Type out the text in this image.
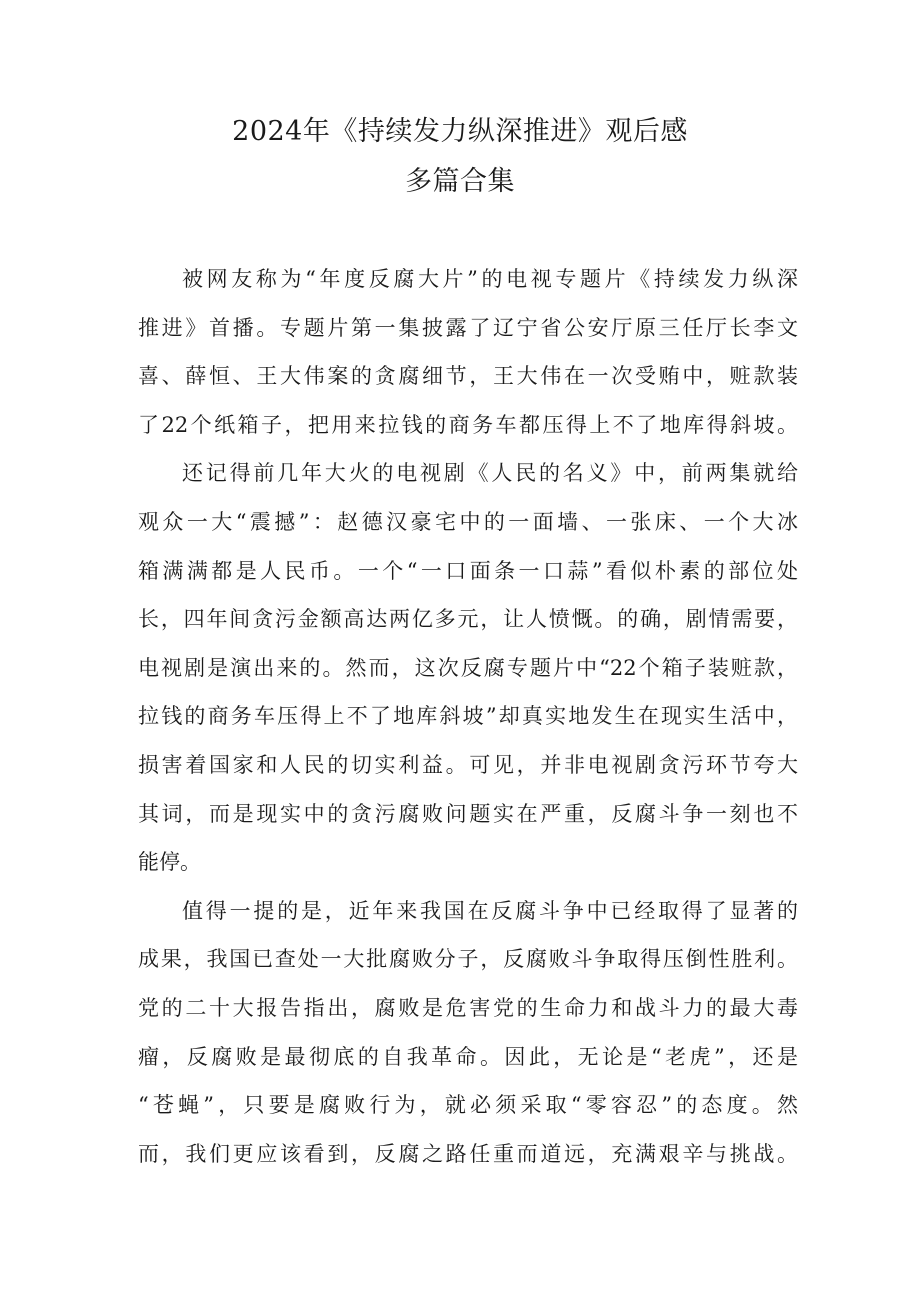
2024年《持续发力纵深推进》观后感
多篇合集
被网友称为“年度反腐大片”的电视专题片《持续发力纵深
推进》首播。专题片第一集披露了辽宁省公安厅原三任厅长李文
喜、薛恒、王大伟案的贪腐细节，王大伟在一次受贿中，赃款装
了22个纸箱子，把用来拉钱的商务车都压得上不了地库得斜坡。
还记得前几年大火的电视剧《人民的名义》中，前两集就给
观众一大“震撼”：赵德汉豪宅中的一面墙、一张床、一个大冰
箱满满都是人民币。一个“一口面条一口蒜”看似朴素的部位处
长，四年间贪污金额高达两亿多元，让人愤慨。的确，剧情需要，
电视剧是演出来的。然而，这次反腐专题片中“22个箱子装赃款，
拉钱的商务车压得上不了地库斜坡”却真实地发生在现实生活中，
损害着国家和人民的切实利益。可见，并非电视剧贪污环节夸大
其词，而是现实中的贪污腐败问题实在严重，反腐斗争一刻也不
能停。
值得一提的是，近年来我国在反腐斗争中已经取得了显著的
成果，我国已查处一大批腐败分子，反腐败斗争取得压倒性胜利。
党的二十大报告指出，腐败是危害党的生命力和战斗力的最大毒
瘤，反腐败是最彻底的自我革命。因此，无论是“老虎”，还是
“苍蝇”，只要是腐败行为，就必须采取“零容忍”的态度。然
而，我们更应该看到，反腐之路任重而道远，充满艰辛与挑战。
